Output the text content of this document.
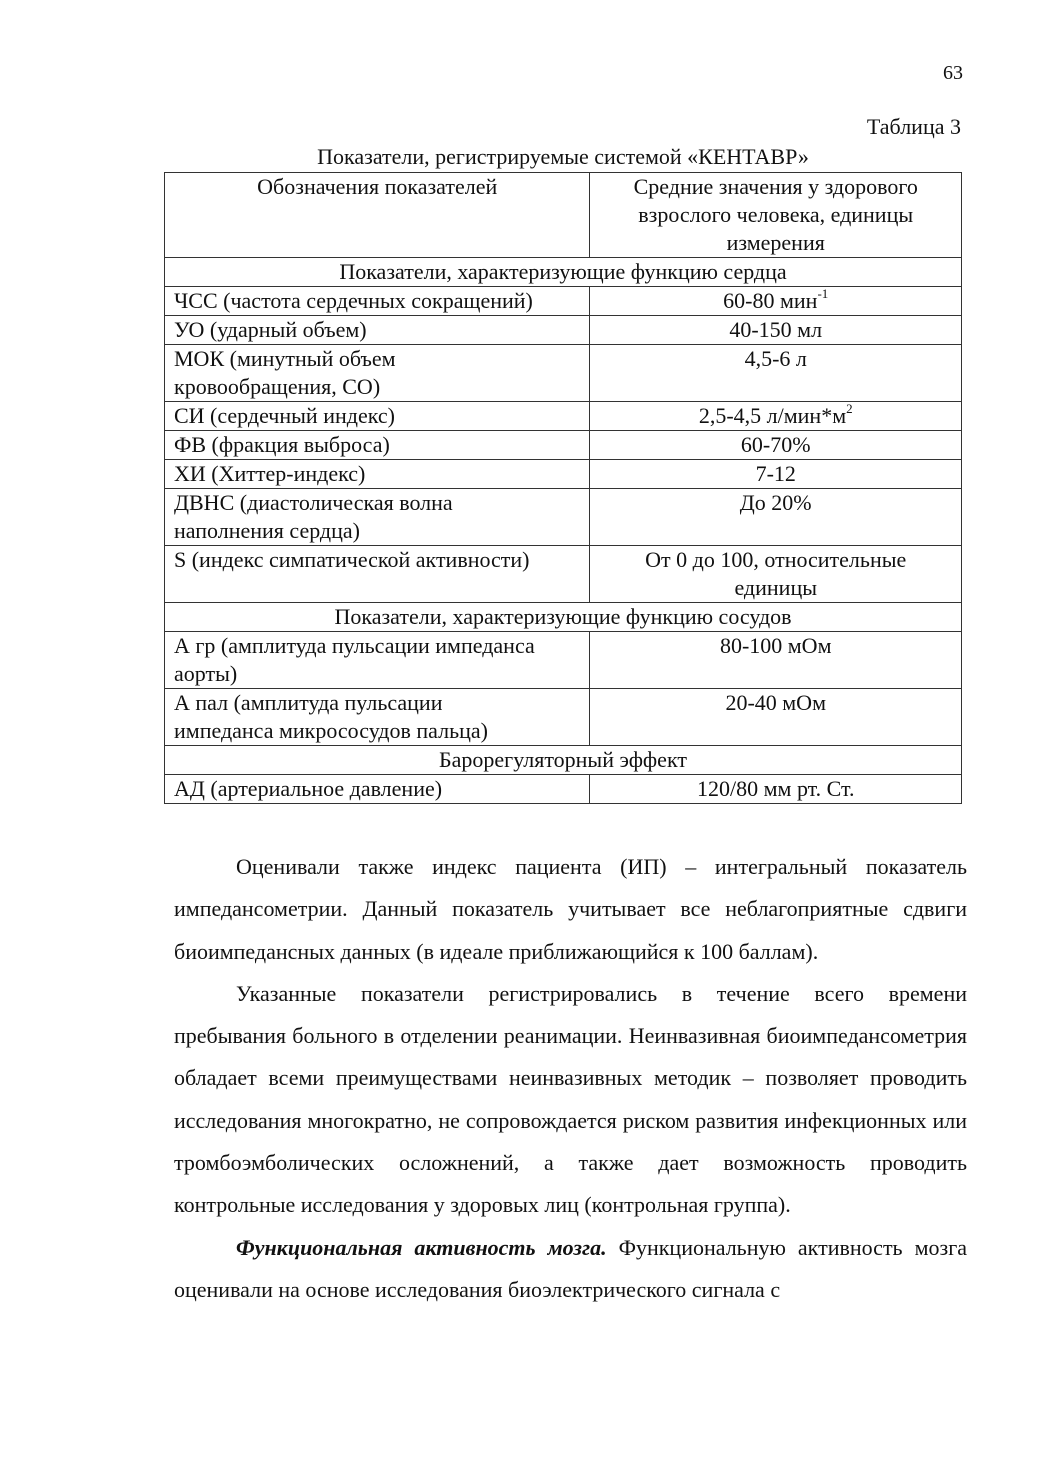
63
Таблица 3
Показатели, регистрируемые системой «КЕНТАВР»
Обозначения показателей	Средние значения у здорового
взрослого человека, единицы
измерения
Показатели, характеризующие функцию сердца	
ЧСС (частота сердечных сокращений)	60-80 мин$^{-1}$
УО (ударный объем)	40-150 мл
МОК (минутный объем
кровообращения, СО)	4,5-6 л
СИ (сердечный индекс)	2,5-4,5 $л/мин*м^2$
ФВ (фракция выброса)	60-70%
ХИ (Хиттер-индекс)	7-12
ДВНС (диастолическая волна
наполнения сердца)	До 20%
S (индекс симпатической активности)	От 0 до 100, относительные
единицы
Показатели, характеризующие функцию сосудов	
А гр (амплитуда пульсации импеданса
аорты)	80-100 мОм
А пал (амплитуда пульсации
импеданса микрососудов пальца)	20-40 мОм
Барорегуляторный эффект	
АД (артериальное давление)	120/80 мм рт. Ст.

Оценивали также индекс пациента (ИП) – интегральный показатель импедансометрии. Данный показатель учитывает все неблагоприятные сдвиги биоимпедансных данных (в идеале приближающийся к 100 баллам).

Указанные показатели регистрировались в течение всего времени пребывания больного в отделении реанимации. Неинвазивная биоимпедансометрия обладает всеми преимуществами неинвазивных методик – позволяет проводить исследования многократно, не сопровождается риском развития инфекционных или тромбоэмболических осложнений, а также дает возможность проводить контрольные исследования у здоровых лиц (контрольная группа).

Функциональная активность мозга. Функциональную активность мозга оценивали на основе исследования биоэлектрического сигнала с
